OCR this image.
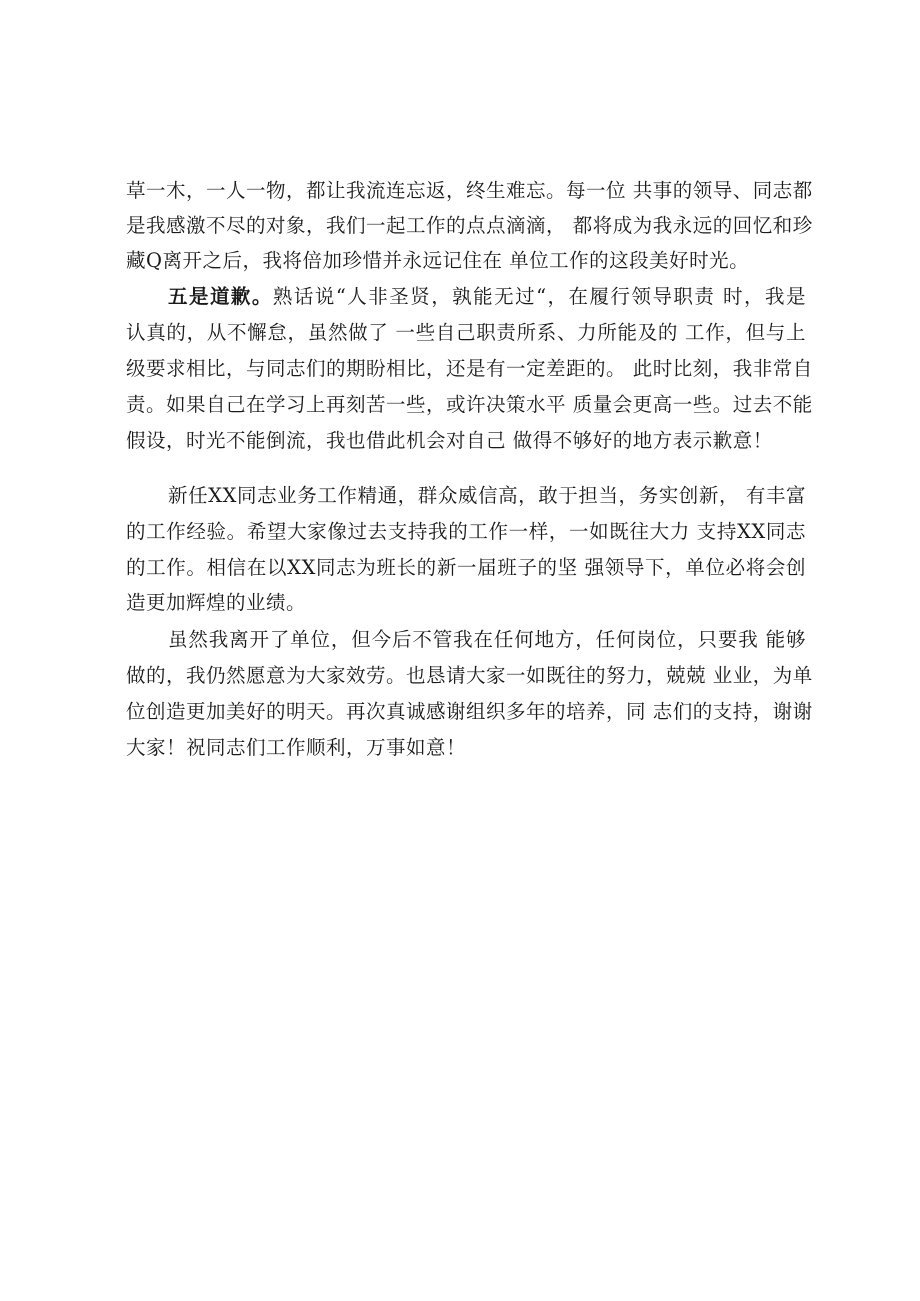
草一木，一人一物，都让我流连忘返，终生难忘。每一位 共事的领导、同志都
是我感激不尽的对象，我们一起工作的点点滴滴， 都将成为我永远的回忆和珍
藏Q离开之后，我将倍加珍惜并永远记住在 单位工作的这段美好时光。
五是道歉。熟话说“人非圣贤，孰能无过“，在履行领导职责 时，我是
认真的，从不懈怠，虽然做了 一些自己职责所系、力所能及的 工作，但与上
级要求相比，与同志们的期盼相比，还是有一定差距的。 此时比刻，我非常自
责。如果自己在学习上再刻苦一些，或许决策水平 质量会更高一些。过去不能
假设，时光不能倒流，我也借此机会对自己 做得不够好的地方表示歉意！
新任XX同志业务工作精通，群众威信高，敢于担当，务实创新， 有丰富
的工作经验。希望大家像过去支持我的工作一样，一如既往大力 支持XX同志
的工作。相信在以XX同志为班长的新一届班子的坚 强领导下，单位必将会创
造更加辉煌的业绩。
虽然我离开了单位，但今后不管我在任何地方，任何岗位，只要我 能够
做的，我仍然愿意为大家效劳。也恳请大家一如既往的努力，兢兢 业业，为单
位创造更加美好的明天。再次真诚感谢组织多年的培养，同 志们的支持，谢谢
大家！祝同志们工作顺利，万事如意！
